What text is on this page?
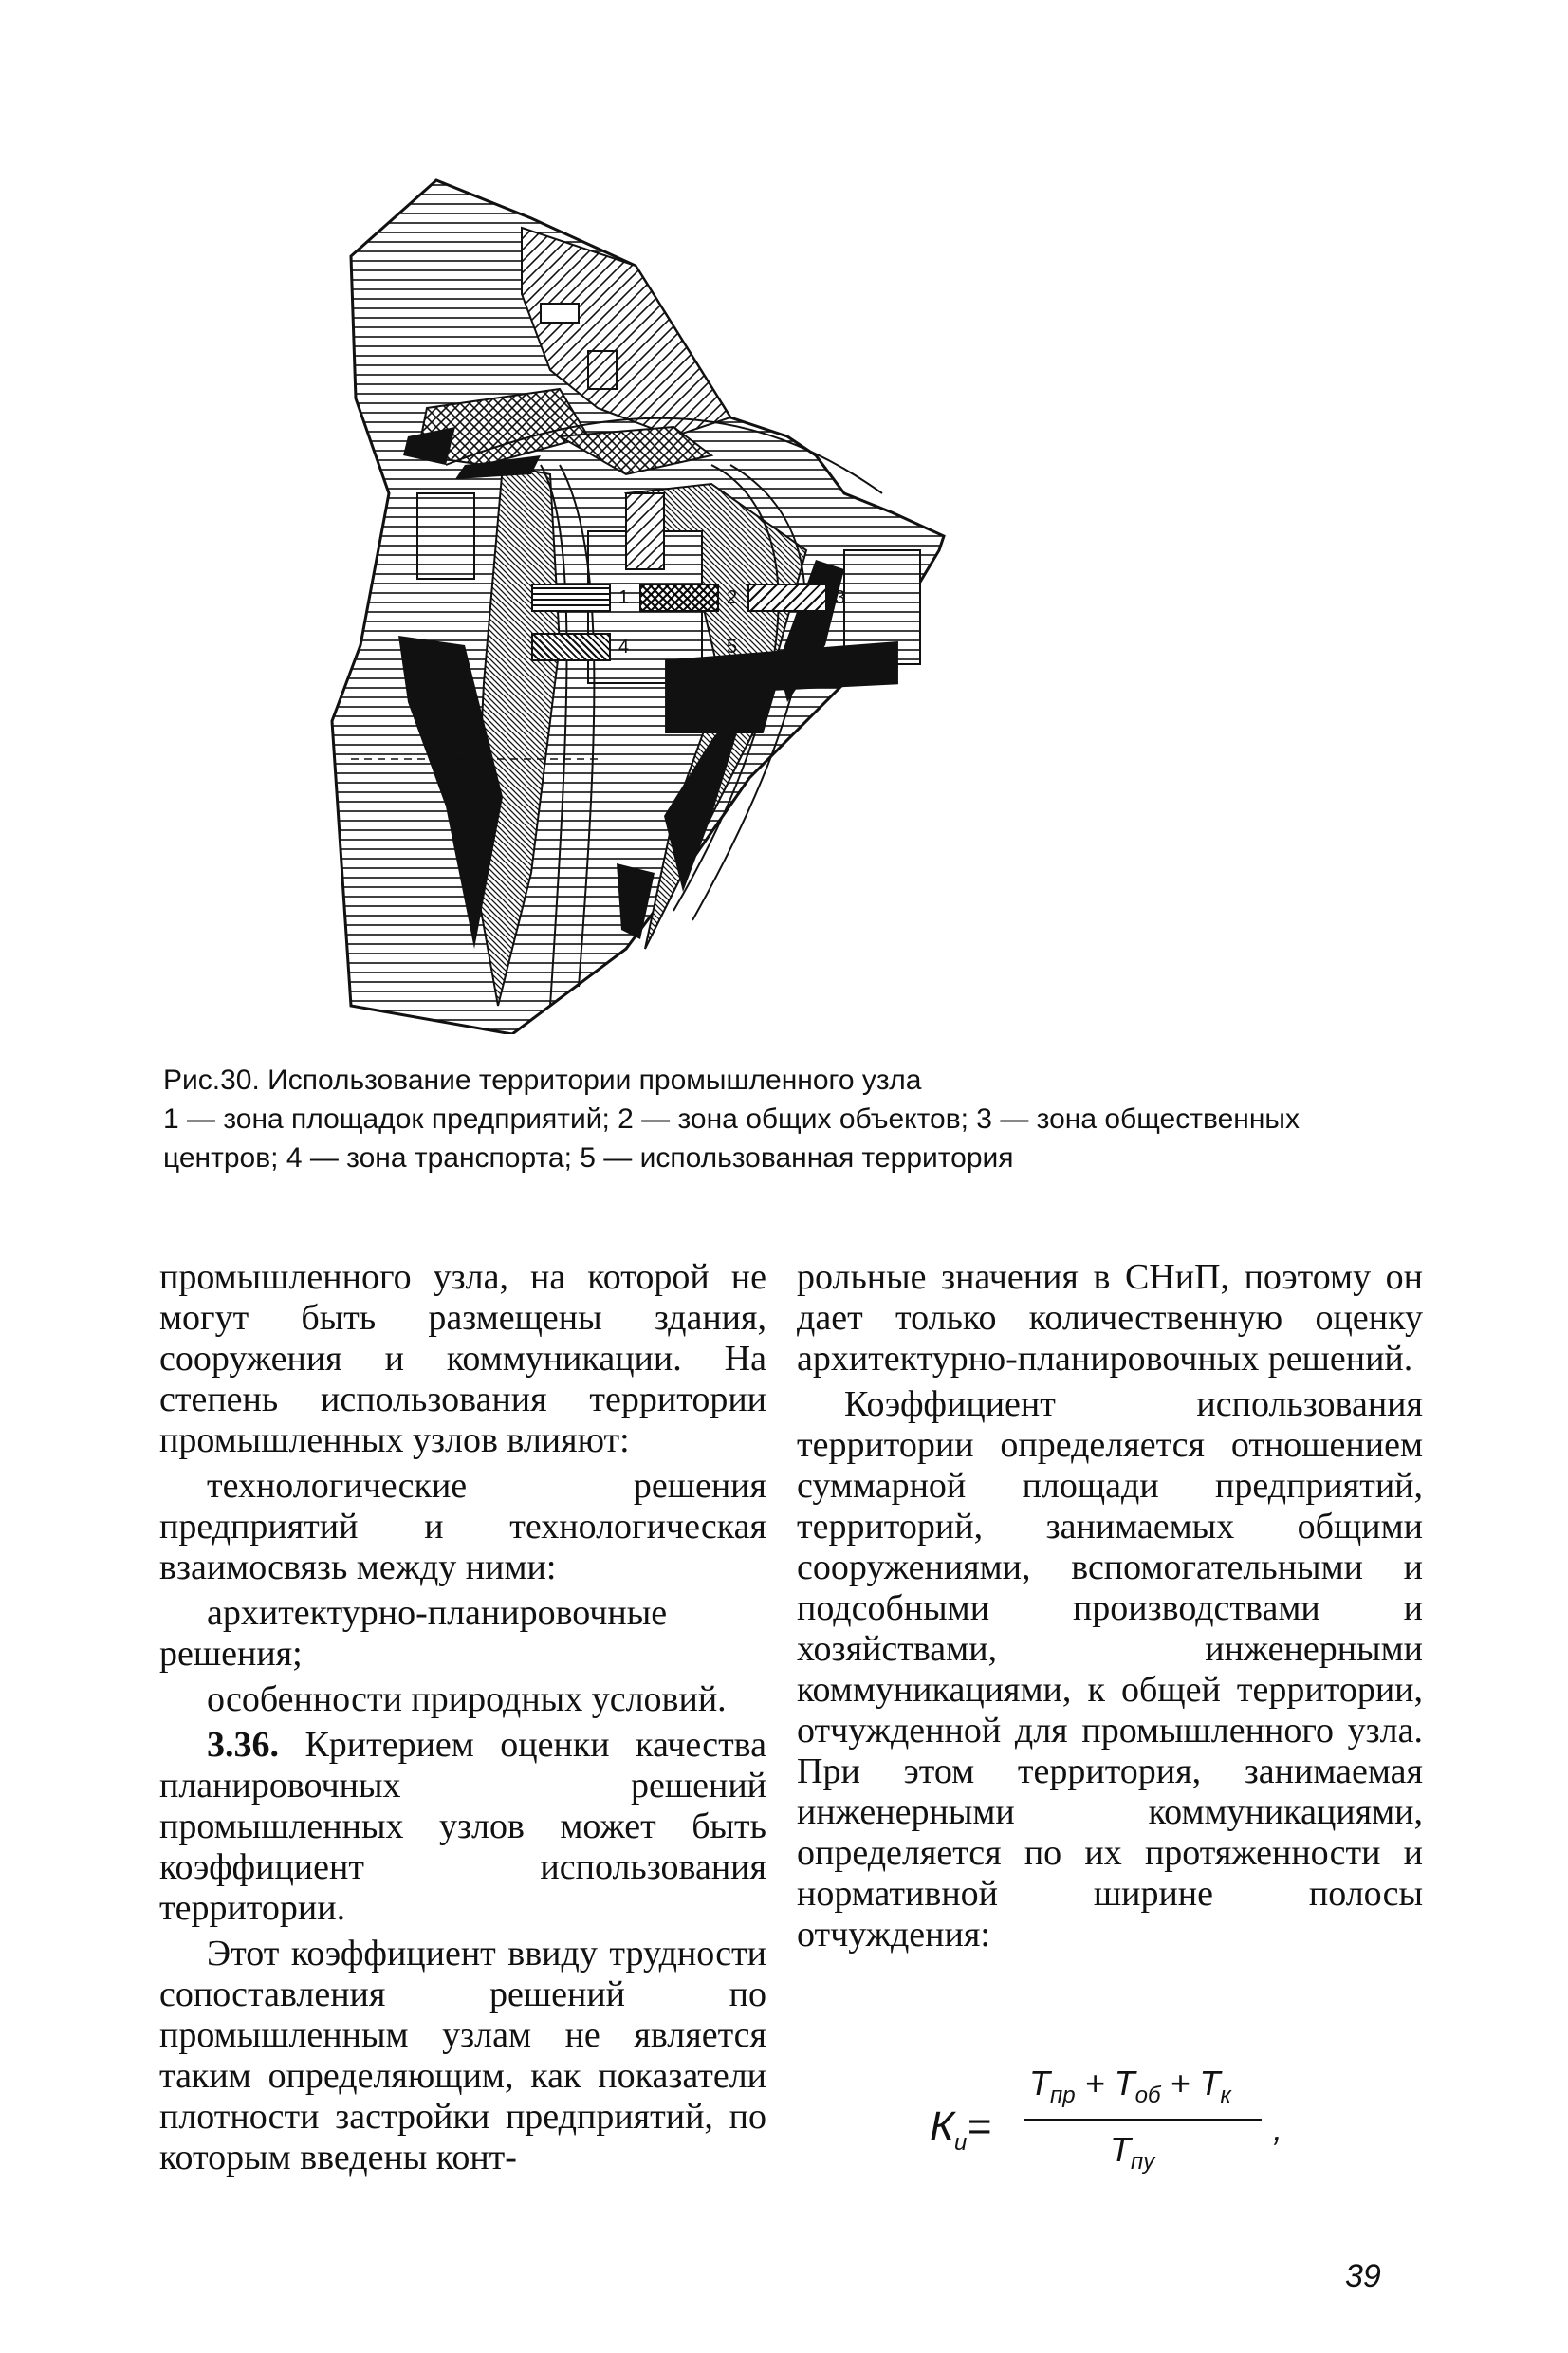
1	2	3
4	5
Рис.30. Использование территории промышленного узла
1 — зона площадок предприятий; 2 — зона общих объектов; 3 — зона общественных
центров; 4 — зона транспорта; 5 — использованная территория

промышленного узла, на которой не могут быть размещены здания, сооружения и коммуникации. На степень использования территории промышленных узлов влияют:

технологические решения предприятий и технологическая взаимосвязь между ними:

архитектурно-планировочные решения;

особенности природных условий.

3.36. Критерием оценки качества планировочных решений промышленных узлов может быть коэффициент использования территории.

Этот коэффициент ввиду трудности сопоставления решений по промышленным узлам не является таким определяющим, как показатели плотности застройки предприятий, по которым введены конт-

рольные значения в СНиП, поэтому он дает только количественную оценку архитектурно-планировочных решений.

Коэффициент использования территории определяется отношением суммарной площади предприятий, территорий, занимаемых общими сооружениями, вспомогательными и подсобными производствами и хозяйствами, инженерными коммуникациями, к общей территории, отчужденной для промышленного узла. При этом территория, занимаемая инженерными коммуникациями, определяется по их протяженности и нормативной ширине полосы отчуждения:

$К_и=$
$T_{пр} + T_{об} + T_к$
$T_{пу}$
,
39
